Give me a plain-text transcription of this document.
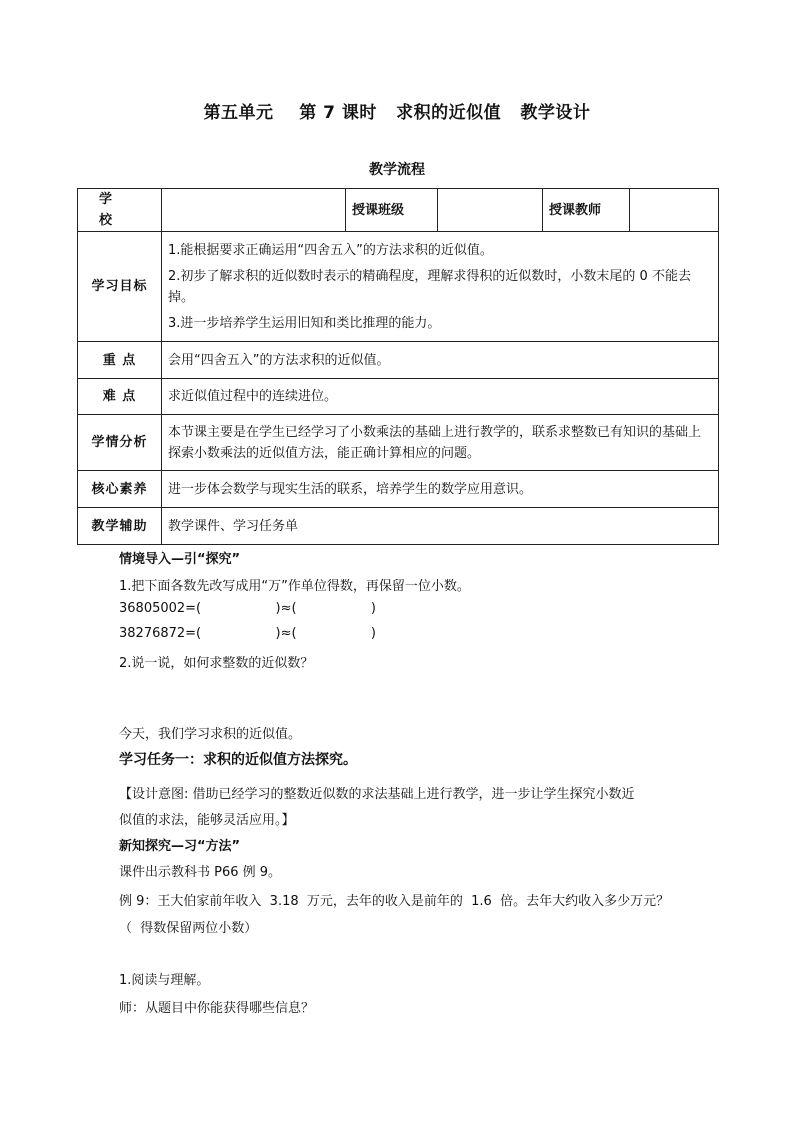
第五单元    第 7 课时   求积的近似值   教学设计
教学流程
学 校		授课班级		授课教师	
学习目标	1.能根据要求正确运用“四舍五入”的方法求积的近似值。

2.初步了解求积的近似数时表示的精确程度，理解求得积的近似数时，小数末尾的 0 不能去掉。

3.进一步培养学生运用旧知和类比推理的能力。				

重 点	会用“四舍五入”的方法求积的近似值。				
难 点	求近似值过程中的连续进位。				
学情分析	本节课主要是在学生已经学习了小数乘法的基础上进行教学的，联系求整数已有知识的基础上探索小数乘法的近似值方法，能正确计算相应的问题。				
核心素养	进一步体会数学与现实生活的联系，培养学生的数学应用意识。				
教学辅助	教学课件、学习任务单				
情境导入—引“探究”
1.把下面各数先改写成用“万”作单位得数，再保留一位小数。
36805002=(                  )≈(                  )
38276872=(                  )≈(                  )
2.说一说，如何求整数的近似数？
今天，我们学习求积的近似值。
学习任务一：求积的近似值方法探究。
【设计意图: 借助已经学习的整数近似数的求法基础上进行教学，进一步让学生探究小数近
似值的求法，能够灵活应用。】
新知探究—习“方法”
课件出示教科书 P66 例 9。
例 9：王大伯家前年收入  3.18  万元，去年的收入是前年的  1.6  倍。去年大约收入多少万元？
（  得数保留两位小数）
1.阅读与理解。
师：从题目中你能获得哪些信息？
